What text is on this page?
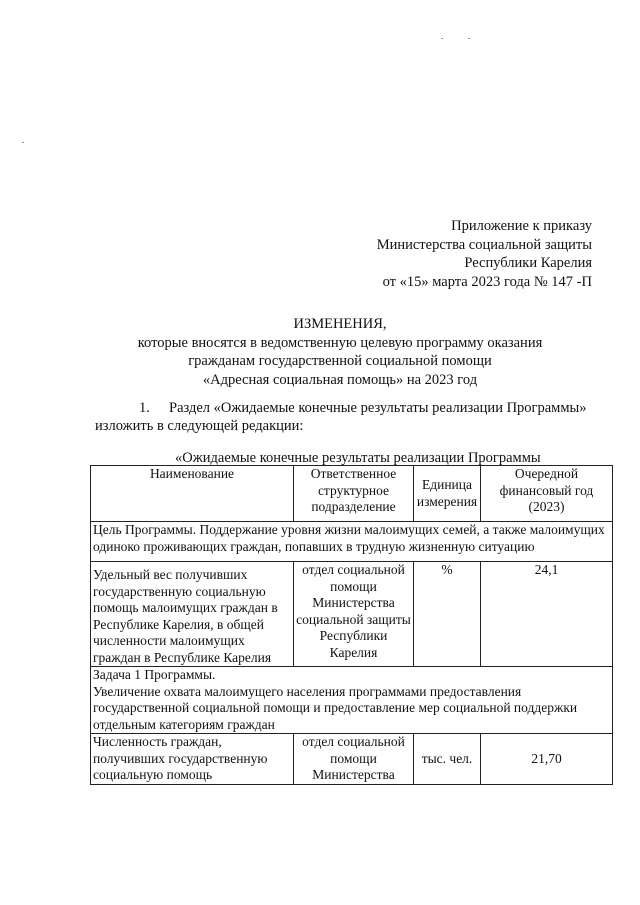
Приложение к приказу
Министерства социальной защиты
Республики Карелия
от «15» марта 2023 года № 147 -П
ИЗМЕНЕНИЯ,
которые вносятся в ведомственную целевую программу оказания
гражданам государственной социальной помощи
«Адресная социальная помощь» на 2023 год
1. Раздел «Ожидаемые конечные результаты реализации Программы»
изложить в следующей редакции:
«Ожидаемые конечные результаты реализации Программы
Наименование	Ответственное структурное подразделение	Единица измерения	Очередной финансовый год (2023)
Цель Программы. Поддержание уровня жизни малоимущих семей, а также малоимущих одиноко проживающих граждан, попавших в трудную жизненную ситуацию			
Удельный вес получивших государственную социальную помощь малоимущих граждан в Республике Карелия, в общей численности малоимущих граждан в Республике Карелия	отдел социальной помощи Министерства социальной защиты Республики Карелия	%	24,1

Задача 1 Программы.
Увеличение охвата малоимущего населения программами предоставления государственной социальной помощи и предоставление мер социальной поддержки отдельным категориям граждан			

Численность граждан, получивших государственную социальную помощь	отдел социальной помощи Министерства	тыс. чел.	21,70
